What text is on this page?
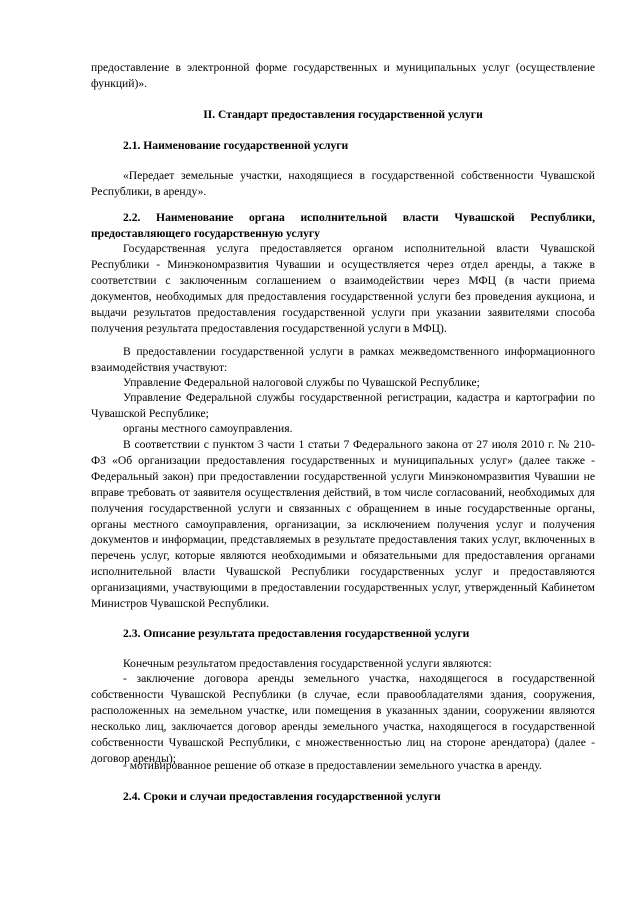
предоставление в электронной форме государственных и муниципальных услуг (осуществление функций)».

II. Стандарт предоставления государственной услуги

2.1. Наименование государственной услуги

«Передает земельные участки, находящиеся в государственной собственности Чувашской Республики, в аренду».

2.2. Наименование органа исполнительной власти Чувашской Республики, предоставляющего государственную услугу

Государственная услуга предоставляется органом исполнительной власти Чувашской Республики - Минэкономразвития Чувашии и осуществляется через отдел аренды, а также в соответствии с заключенным соглашением о взаимодействии через МФЦ (в части приема документов, необходимых для предоставления государственной услуги без проведения аукциона, и выдачи результатов предоставления государственной услуги при указании заявителями способа получения результата предоставления государственной услуги в МФЦ).

В предоставлении государственной услуги в рамках межведомственного информационного взаимодействия участвуют:

Управление Федеральной налоговой службы по Чувашской Республике;

Управление Федеральной службы государственной регистрации, кадастра и картографии по Чувашской Республике;

органы местного самоуправления.

В соответствии с пунктом 3 части 1 статьи 7 Федерального закона от 27 июля 2010 г. № 210-ФЗ «Об организации предоставления государственных и муниципальных услуг» (далее также - Федеральный закон) при предоставлении государственной услуги Минэкономразвития Чувашии не вправе требовать от заявителя осуществления действий, в том числе согласований, необходимых для получения государственной услуги и связанных с обращением в иные государственные органы, органы местного самоуправления, организации, за исключением получения услуг и получения документов и информации, представляемых в результате предоставления таких услуг, включенных в перечень услуг, которые являются необходимыми и обязательными для предоставления органами исполнительной власти Чувашской Республики государственных услуг и предоставляются организациями, участвующими в предоставлении государственных услуг, утвержденный Кабинетом Министров Чувашской Республики.

2.3. Описание результата предоставления государственной услуги

Конечным результатом предоставления государственной услуги являются:

- заключение договора аренды земельного участка, находящегося в государственной собственности Чувашской Республики (в случае, если правообладателями здания, сооружения, расположенных на земельном участке, или помещения в указанных здании, сооружении являются несколько лиц, заключается договор аренды земельного участка, находящегося в государственной собственности Чувашской Республики, с множественностью лиц на стороне арендатора) (далее - договор аренды);

- мотивированное решение об отказе в предоставлении земельного участка в аренду.

2.4. Сроки и случаи предоставления государственной услуги
